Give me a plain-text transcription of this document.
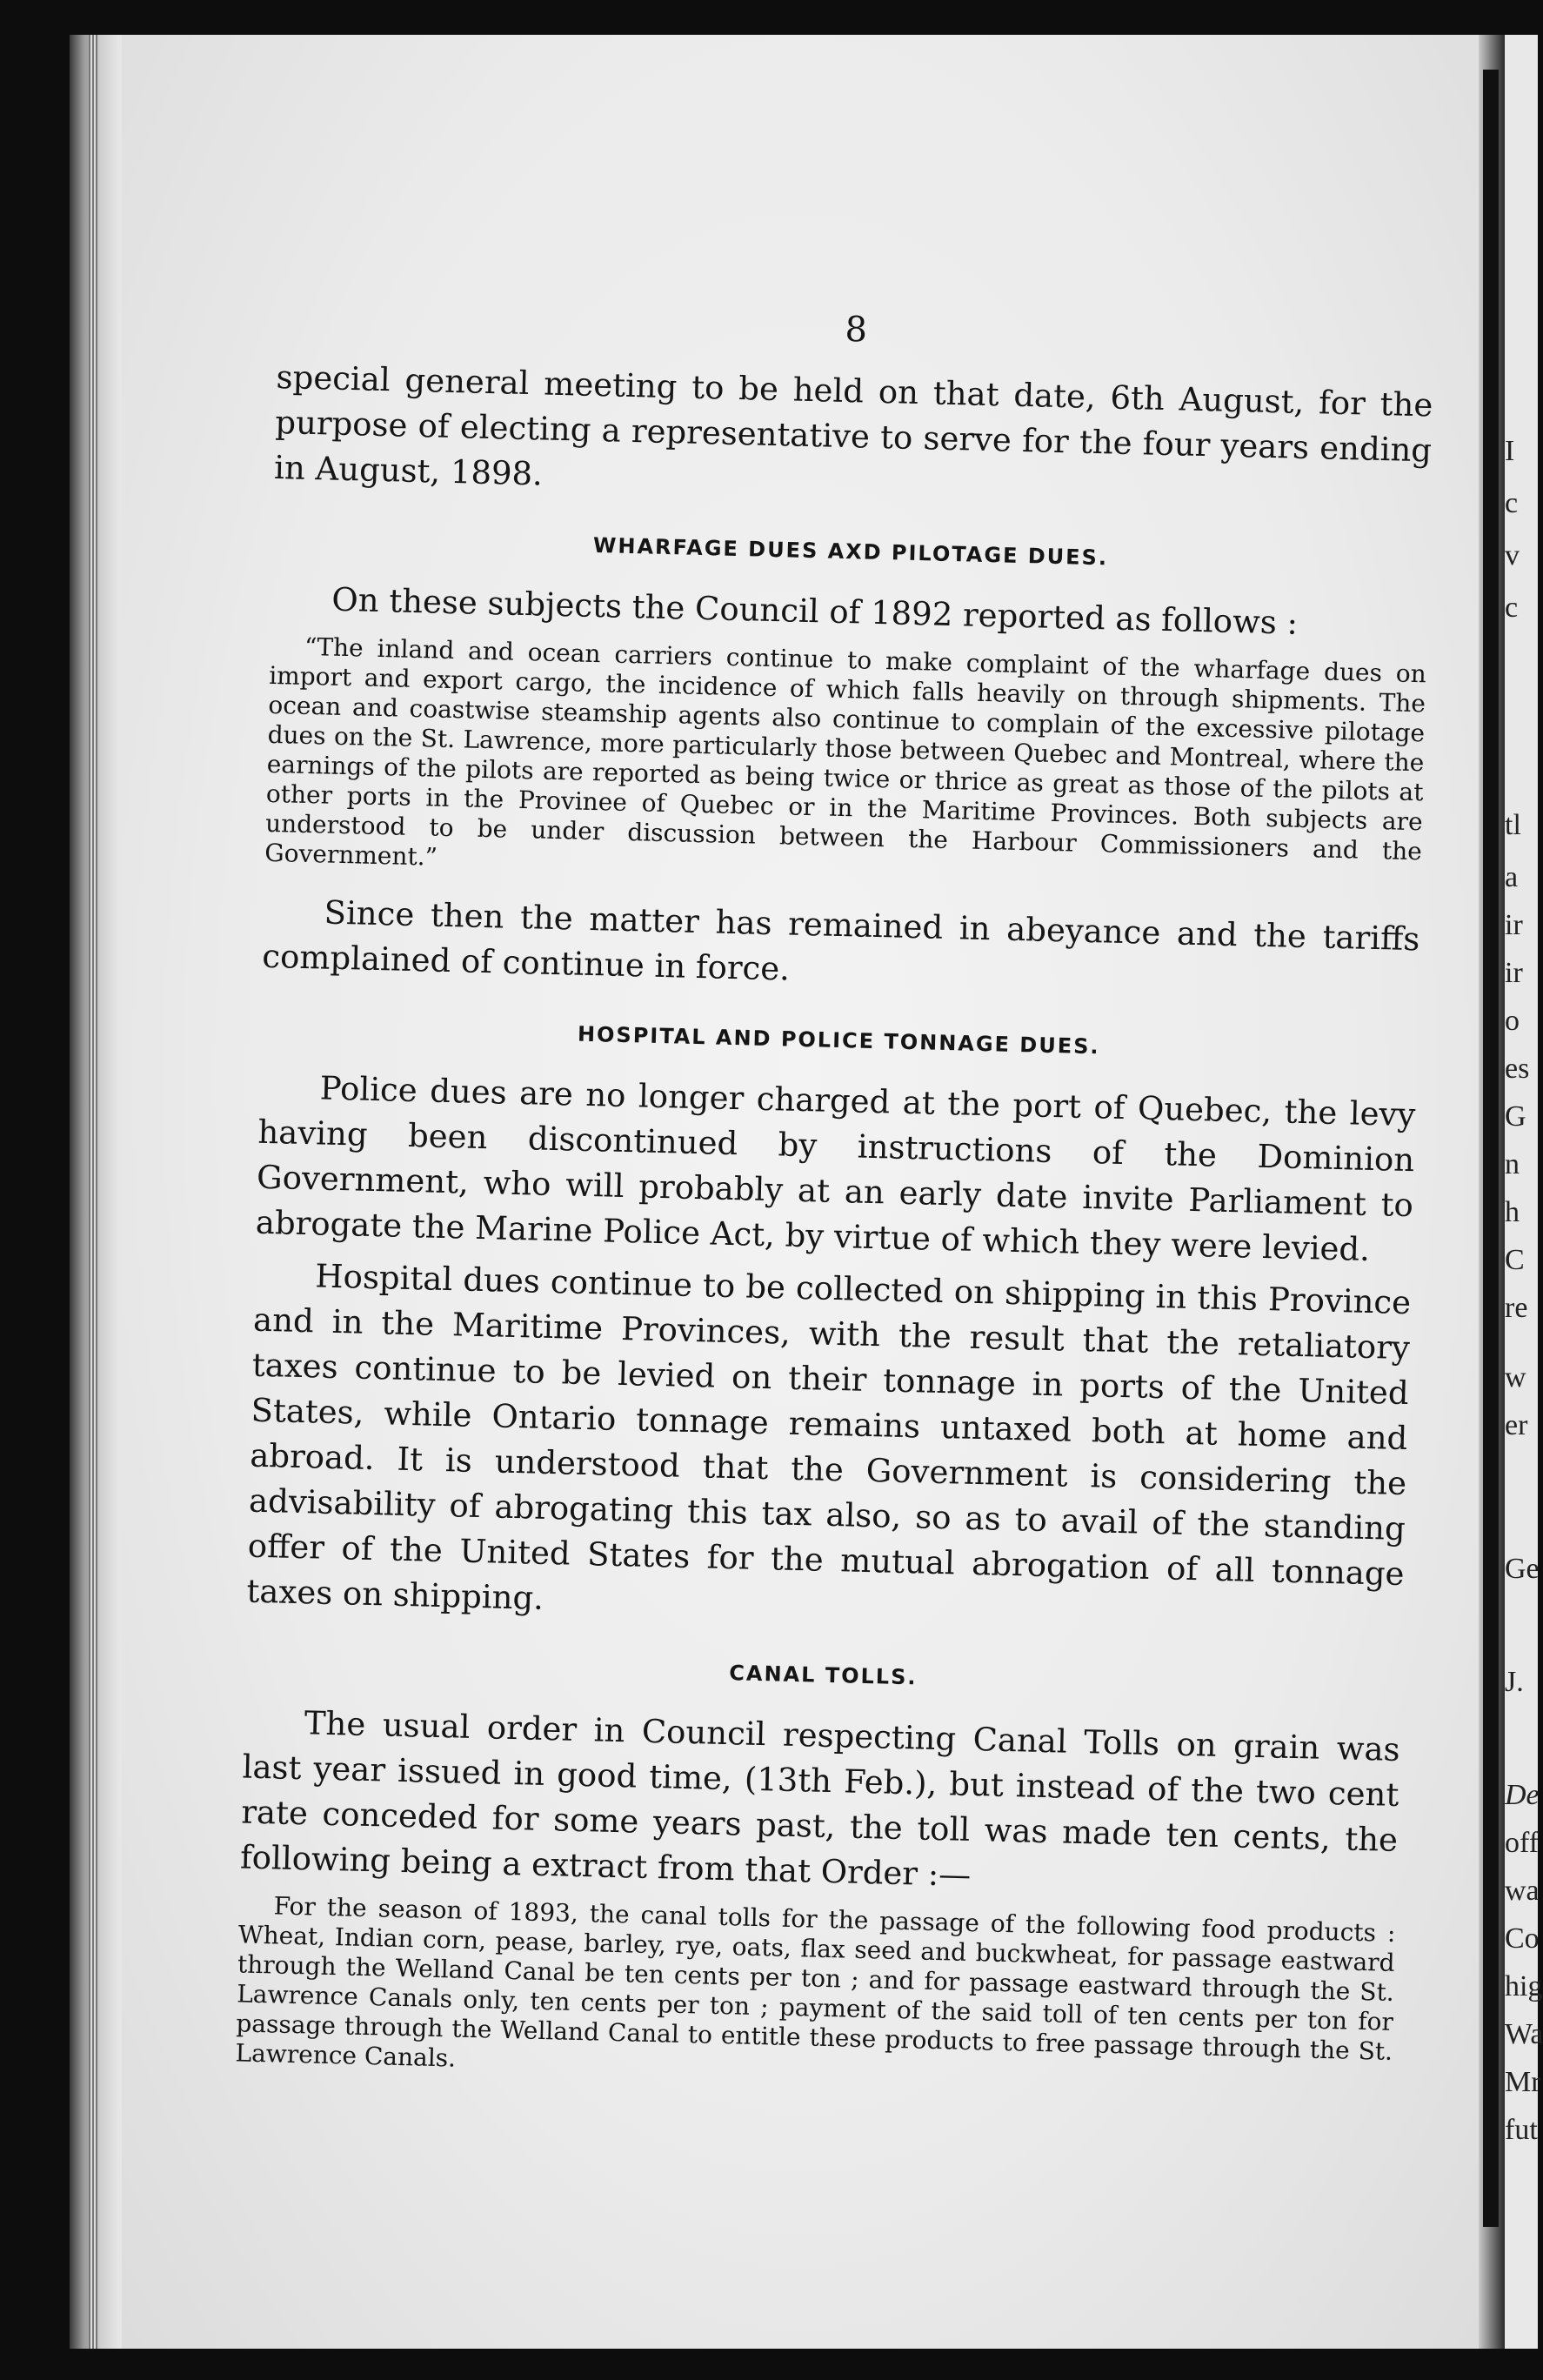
I
c
v
c
tl
a
ir
ir
o
es
G
n
h
C
re
w
er
Ge
J.
De
off
wa
Co
hig
Wa
Mr
fut
8

special general meeting to be held on that date, 6th August, for the purpose of electing a representative to serve for the four years ending in August, 1898.

WHARFAGE DUES AXD PILOTAGE DUES.

On these subjects the Council of 1892 reported as follows :

“The inland and ocean carriers continue to make complaint of the wharfage dues on import and export cargo, the incidence of which falls heavily on through shipments. The ocean and coastwise steamship agents also continue to complain of the excessive pilotage dues on the St. Lawrence, more particularly those between Quebec and Montreal, where the earnings of the pilots are reported as being twice or thrice as great as those of the pilots at other ports in the Provinee of Quebec or in the Maritime Provinces. Both subjects are understood to be under discussion between the Harbour Commissioners and the Government.”

Since then the matter has remained in abeyance and the tariffs complained of continue in force.

HOSPITAL AND POLICE TONNAGE DUES.

Police dues are no longer charged at the port of Quebec, the levy having been discontinued by instructions of the Dominion Government, who will probably at an early date invite Parliament to abrogate the Marine Police Act, by virtue of which they were levied.

Hospital dues continue to be collected on shipping in this Province and in the Maritime Provinces, with the result that the retaliatory taxes continue to be levied on their tonnage in ports of the United States, while Ontario tonnage remains untaxed both at home and abroad. It is understood that the Government is considering the advisability of abrogating this tax also, so as to avail of the standing offer of the United States for the mutual abrogation of all tonnage taxes on shipping.

CANAL TOLLS.

The usual order in Council respecting Canal Tolls on grain was last year issued in good time, (13th Feb.), but instead of the two cent rate conceded for some years past, the toll was made ten cents, the following being a extract from that Order :—

For the season of 1893, the canal tolls for the passage of the following food products : Wheat, Indian corn, pease, barley, rye, oats, flax seed and buckwheat, for passage eastward through the Welland Canal be ten cents per ton ; and for passage eastward through the St. Lawrence Canals only, ten cents per ton ; payment of the said toll of ten cents per ton for passage through the Welland Canal to entitle these products to free passage through the St. Lawrence Canals.
